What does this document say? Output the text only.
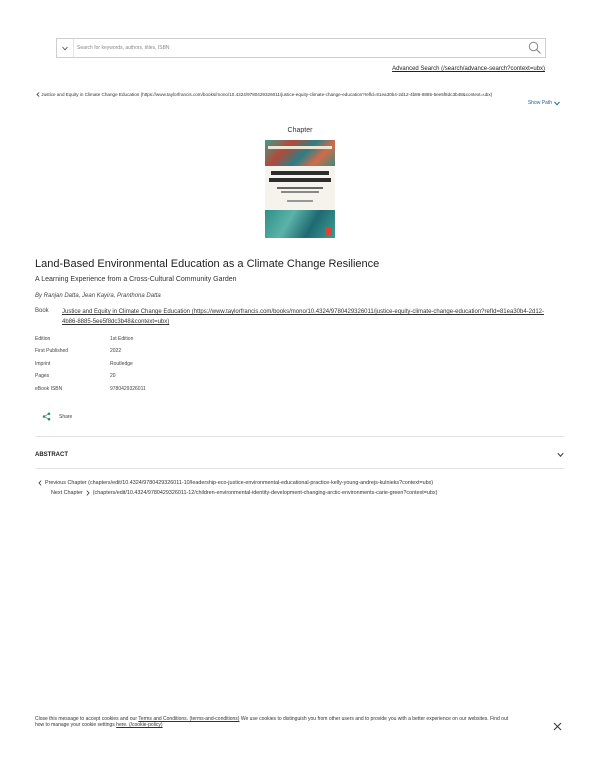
Search for keywords, authors, titles, ISBN
Advanced Search (/search/advance-search?context=ubx)
Justice and Equity in Climate Change Education (https://www.taylorfrancis.com/books/mono/10.4324/9780429326011/justice-equity-climate-change-education?refld=81ea30b4-2d12-4b86-8885-5ee5f8dc3b48&context=ubx)
Show Path
Chapter
Land-Based Environmental Education as a Climate Change Resilience
A Learning Experience from a Cross-Cultural Community Garden
By Ranjan Datta, Jean Kayira, Pranthona Datta
Book Justice and Equity in Climate Change Education (https://www.taylorfrancis.com/books/mono/10.4324/9780429326011/justice-equity-climate-change-education?refId=81ea30b4-2d12-4b86-8885-5ee5f8dc3b48&context=ubx)
Edition	1st Edition
First Published	2022
Imprint	Routledge
Pages	20
eBook ISBN	9780429326011
Share
ABSTRACT
Previous Chapter (chapters/edit/10.4324/9780429326011-10/leadership-eco-justice-environmental-educational-practice-kelly-young-andrejs-kulnieks?context=ubx)
Next Chapter (chapters/edit/10.4324/9780429326011-12/children-environmental-identity-development-changing-arctic-environments-carie-green?context=ubx)
Close this message to accept cookies and our Terms and Conditions. (terms-and-conditions) We use cookies to distinguish you from other users and to provide you with a better experience on our websites. Find out how to manage your cookie settings here. (/cookie-policy)
